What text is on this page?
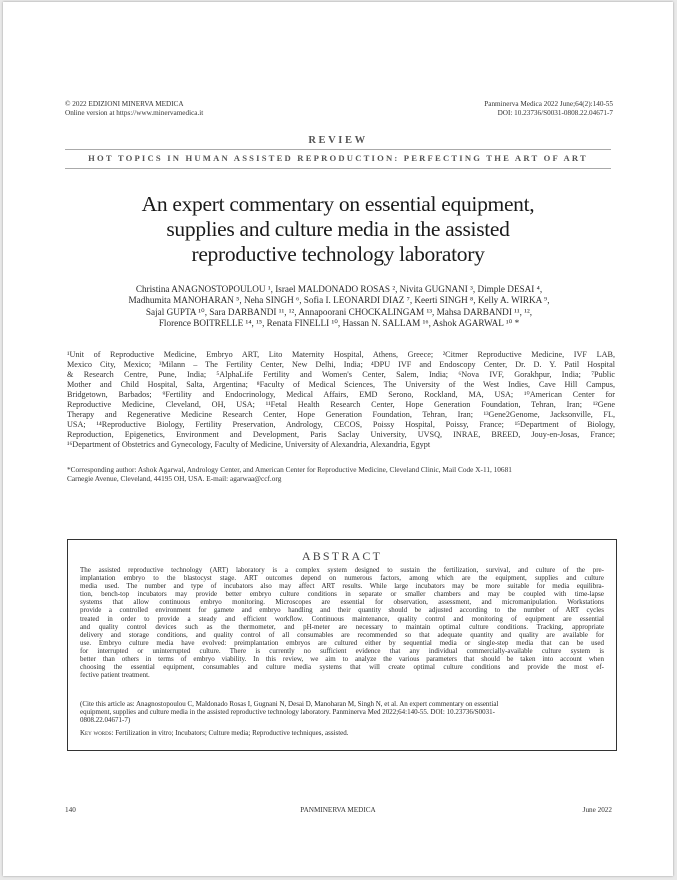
© 2022 EDIZIONI MINERVA MEDICA
Online version at https://www.minervamedica.it
Panminerva Medica 2022 June;64(2):140-55
DOI: 10.23736/S0031-0808.22.04671-7
REVIEW
HOT TOPICS IN HUMAN ASSISTED REPRODUCTION: PERFECTING THE ART OF ART
An expert commentary on essential equipment,
supplies and culture media in the assisted
reproductive technology laboratory
Christina ANAGNOSTOPOULOU ¹, Israel MALDONADO ROSAS ², Nivita GUGNANI ³, Dimple DESAI ⁴,
Madhumita MANOHARAN ⁵, Neha SINGH ⁶, Sofia I. LEONARDI DIAZ ⁷, Keerti SINGH ⁸, Kelly A. WIRKA ⁹,
Sajal GUPTA ¹⁰, Sara DARBANDI ¹¹, ¹², Annapoorani CHOCKALINGAM ¹³, Mahsa DARBANDI ¹¹, ¹²,
Florence BOITRELLE ¹⁴, ¹⁵, Renata FINELLI ¹⁰, Hassan N. SALLAM ¹⁶, Ashok AGARWAL ¹⁰ *
¹Unit of Reproductive Medicine, Embryo ART, Lito Maternity Hospital, Athens, Greece; ²Citmer Reproductive Medicine, IVF LAB,
Mexico City, Mexico; ³Milann – The Fertility Center, New Delhi, India; ⁴DPU IVF and Endoscopy Center, Dr. D. Y. Patil Hospital
& Research Centre, Pune, India; ⁵AlphaLife Fertility and Women's Center, Salem, India; ⁶Nova IVF, Gorakhpur, India; ⁷Public
Mother and Child Hospital, Salta, Argentina; ⁸Faculty of Medical Sciences, The University of the West Indies, Cave Hill Campus,
Bridgetown, Barbados; ⁹Fertility and Endocrinology, Medical Affairs, EMD Serono, Rockland, MA, USA; ¹⁰American Center for
Reproductive Medicine, Cleveland, OH, USA; ¹¹Fetal Health Research Center, Hope Generation Foundation, Tehran, Iran; ¹²Gene
Therapy and Regenerative Medicine Research Center, Hope Generation Foundation, Tehran, Iran; ¹³Gene2Genome, Jacksonville, FL,
USA; ¹⁴Reproductive Biology, Fertility Preservation, Andrology, CECOS, Poissy Hospital, Poissy, France; ¹⁵Department of Biology,
Reproduction, Epigenetics, Environment and Development, Paris Saclay University, UVSQ, INRAE, BREED, Jouy-en-Josas, France;
¹⁶Department of Obstetrics and Gynecology, Faculty of Medicine, University of Alexandria, Alexandria, Egypt
*Corresponding author: Ashok Agarwal, Andrology Center, and American Center for Reproductive Medicine, Cleveland Clinic, Mail Code X-11, 10681
Carnegie Avenue, Cleveland, 44195 OH, USA. E-mail: agarwaa@ccf.org
ABSTRACT
The assisted reproductive technology (ART) laboratory is a complex system designed to sustain the fertilization, survival, and culture of the pre-
implantation embryo to the blastocyst stage. ART outcomes depend on numerous factors, among which are the equipment, supplies and culture
media used. The number and type of incubators also may affect ART results. While large incubators may be more suitable for media equilibra-
tion, bench-top incubators may provide better embryo culture conditions in separate or smaller chambers and may be coupled with time-lapse
systems that allow continuous embryo monitoring. Microscopes are essential for observation, assessment, and micromanipulation. Workstations
provide a controlled environment for gamete and embryo handling and their quantity should be adjusted according to the number of ART cycles
treated in order to provide a steady and efficient workflow. Continuous maintenance, quality control and monitoring of equipment are essential
and quality control devices such as the thermometer, and pH-meter are necessary to maintain optimal culture conditions. Tracking, appropriate
delivery and storage conditions, and quality control of all consumables are recommended so that adequate quantity and quality are available for
use. Embryo culture media have evolved: preimplantation embryos are cultured either by sequential media or single-step media that can be used
for interrupted or uninterrupted culture. There is currently no sufficient evidence that any individual commercially-available culture system is
better than others in terms of embryo viability. In this review, we aim to analyze the various parameters that should be taken into account when
choosing the essential equipment, consumables and culture media systems that will create optimal culture conditions and provide the most ef-
fective patient treatment.
(Cite this article as: Anagnostopoulou C, Maldonado Rosas I, Gugnani N, Desai D, Manoharan M, Singh N, et al. An expert commentary on essential
equipment, supplies and culture media in the assisted reproductive technology laboratory. Panminerva Med 2022;64:140-55. DOI: 10.23736/S0031-
0808.22.04671-7)
Key words: Fertilization in vitro; Incubators; Culture media; Reproductive techniques, assisted.
140	PANMINERVA MEDICA	June 2022
